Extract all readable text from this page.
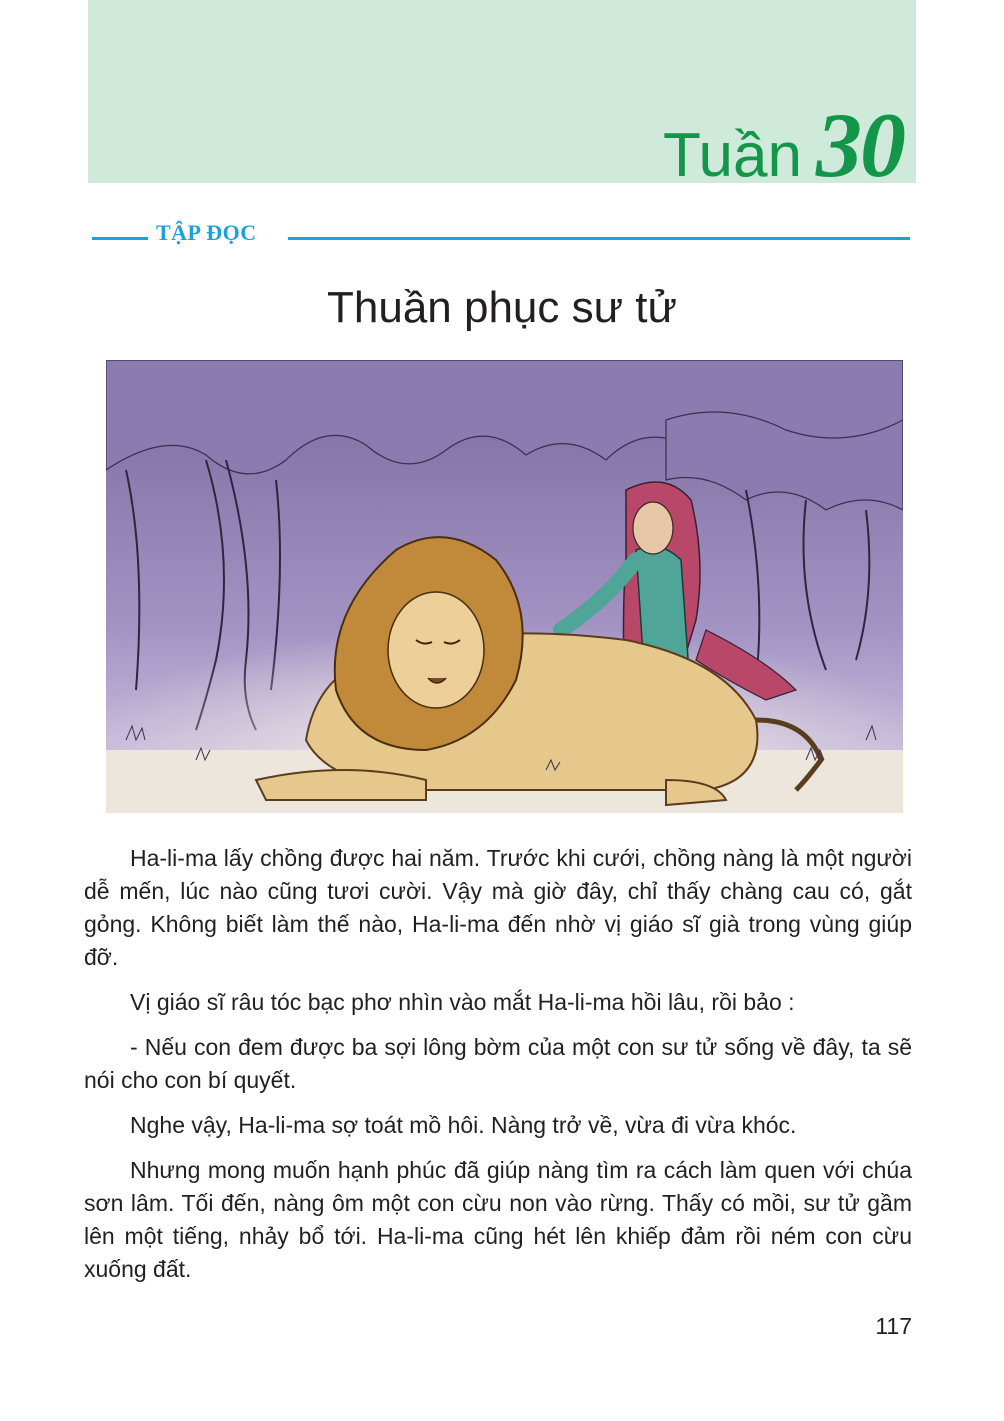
Tuần 30
TẬP ĐỌC
Thuần phục sư tử

Ha-li-ma lấy chồng được hai năm. Trước khi cưới, chồng nàng là một người dễ mến, lúc nào cũng tươi cười. Vậy mà giờ đây, chỉ thấy chàng cau có, gắt gỏng. Không biết làm thế nào, Ha-li-ma đến nhờ vị giáo sĩ già trong vùng giúp đỡ.

Vị giáo sĩ râu tóc bạc phơ nhìn vào mắt Ha-li-ma hồi lâu, rồi bảo :

- Nếu con đem được ba sợi lông bờm của một con sư tử sống về đây, ta sẽ nói cho con bí quyết.

Nghe vậy, Ha-li-ma sợ toát mồ hôi. Nàng trở về, vừa đi vừa khóc.

Nhưng mong muốn hạnh phúc đã giúp nàng tìm ra cách làm quen với chúa sơn lâm. Tối đến, nàng ôm một con cừu non vào rừng. Thấy có mồi, sư tử gầm lên một tiếng, nhảy bổ tới. Ha-li-ma cũng hét lên khiếp đảm rồi ném con cừu xuống đất.

117
